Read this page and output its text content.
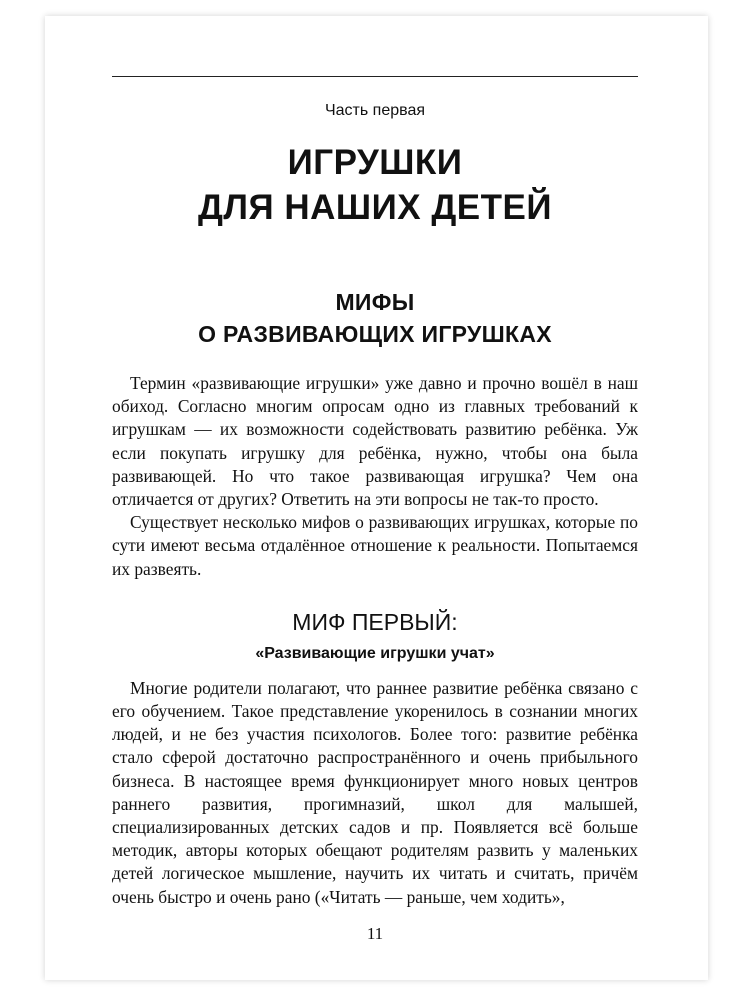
Часть первая

ИГРУШКИ
ДЛЯ НАШИХ ДЕТЕЙ
МИФЫ
О РАЗВИВАЮЩИХ ИГРУШКАХ

Термин «развивающие игрушки» уже давно и прочно вошёл в наш обиход. Согласно многим опросам одно из главных требований к игрушкам — их возможности содействовать развитию ребёнка. Уж если покупать игрушку для ребёнка, нужно, чтобы она была развивающей. Но что такое развивающая игрушка? Чем она отличается от других? Ответить на эти вопросы не так-то просто.

Существует несколько мифов о развивающих игрушках, которые по сути имеют весьма отдалённое отношение к реальности. Попытаемся их развеять.

МИФ ПЕРВЫЙ:

«Развивающие игрушки учат»

Многие родители полагают, что раннее развитие ребёнка связано с его обучением. Такое представление укоренилось в сознании многих людей, и не без участия психологов. Более того: развитие ребёнка стало сферой достаточно распространённого и очень прибыльного бизнеса. В настоящее время функционирует много новых центров раннего развития, прогимназий, школ для малышей, специализированных детских садов и пр. Появляется всё больше методик, авторы которых обещают родителям развить у маленьких детей логическое мышление, научить их читать и считать, причём очень быстро и очень рано («Читать — раньше, чем ходить»,

11
